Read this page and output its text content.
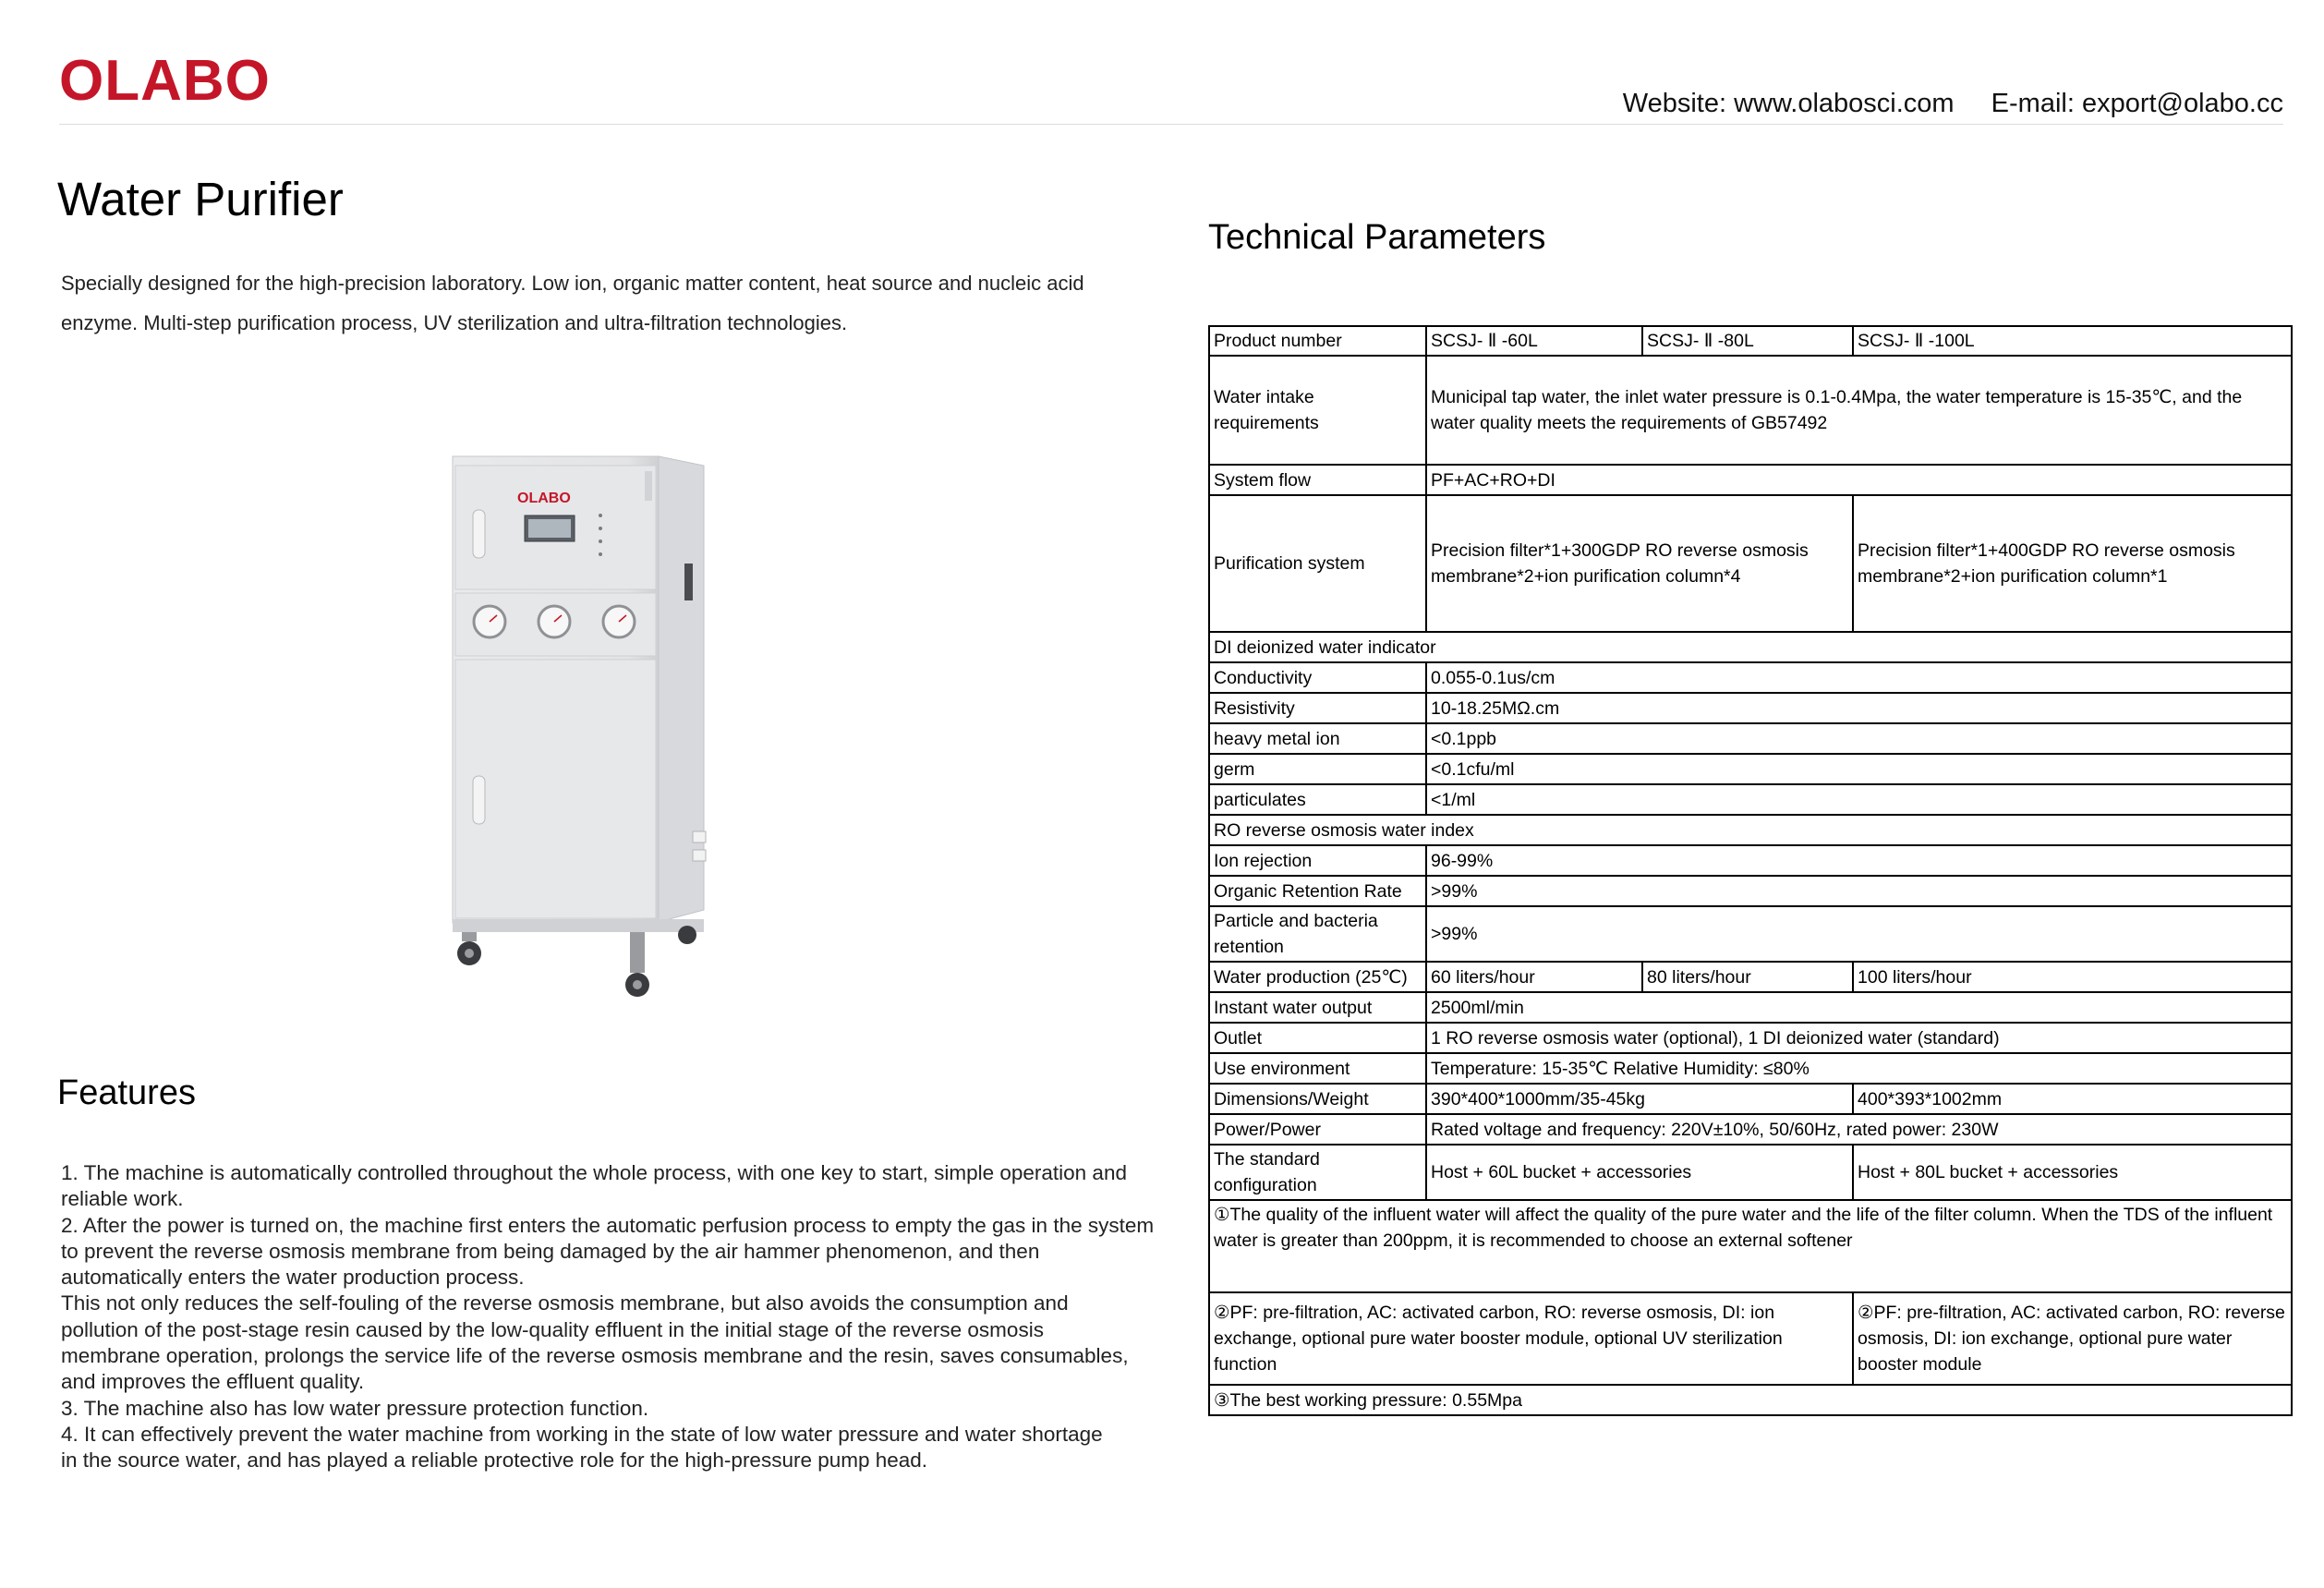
OLABO	Website: www.olabosci.com E-mail: export@olabo.cc
Water Purifier
Specially designed for the high-precision laboratory. Low ion, organic matter content, heat source and nucleic acid enzyme. Multi-step purification process, UV sterilization and ultra-filtration technologies.
OLABO
Features
1. The machine is automatically controlled throughout the whole process, with one key to start, simple operation and
reliable work.
2. After the power is turned on, the machine first enters the automatic perfusion process to empty the gas in the system
to prevent the reverse osmosis membrane from being damaged by the air hammer phenomenon, and then
automatically enters the water production process.
This not only reduces the self-fouling of the reverse osmosis membrane, but also avoids the consumption and
pollution of the post-stage resin caused by the low-quality effluent in the initial stage of the reverse osmosis
membrane operation, prolongs the service life of the reverse osmosis membrane and the resin, saves consumables,
and improves the effluent quality.
3. The machine also has low water pressure protection function.
4. It can effectively prevent the water machine from working in the state of low water pressure and water shortage
in the source water, and has played a reliable protective role for the high-pressure pump head.
Technical Parameters
Product number	SCSJ- Ⅱ -60L	SCSJ- Ⅱ -80L	SCSJ- Ⅱ -100L
Water intake
requirements	Municipal tap water, the inlet water pressure is 0.1-0.4Mpa, the water temperature is 15-35℃, and the water quality meets the requirements of GB57492		
System flow	PF+AC+RO+DI		
Purification system	Precision filter*1+300GDP RO reverse osmosis membrane*2+ion purification column*4		Precision filter*1+400GDP RO reverse osmosis membrane*2+ion purification column*1
DI deionized water indicator			
Conductivity	0.055-0.1us/cm		
Resistivity	10-18.25MΩ.cm		
heavy metal ion	<0.1ppb		
germ	<0.1cfu/ml		
particulates	<1/ml		
RO reverse osmosis water index			
Ion rejection	96-99%		
Organic Retention Rate	>99%		
Particle and bacteria
retention	>99%		
Water production (25℃)	60 liters/hour	80 liters/hour	100 liters/hour
Instant water output	2500ml/min		
Outlet	1 RO reverse osmosis water (optional), 1 DI deionized water (standard)		
Use environment	Temperature: 15-35℃ Relative Humidity: ≤80%		
Dimensions/Weight	390*400*1000mm/35-45kg		400*393*1002mm
Power/Power	Rated voltage and frequency: 220V±10%, 50/60Hz, rated power: 230W		
The standard
configuration	Host + 60L bucket + accessories		Host + 80L bucket + accessories
①The quality of the influent water will affect the quality of the pure water and the life of the filter column. When the TDS of the influent water is greater than 200ppm, it is recommended to choose an external softener			
②PF: pre-filtration, AC: activated carbon, RO: reverse osmosis, DI: ion exchange, optional pure water booster module, optional UV sterilization function			②PF: pre-filtration, AC: activated carbon, RO: reverse osmosis, DI: ion exchange, optional pure water booster module
③The best working pressure: 0.55Mpa			
